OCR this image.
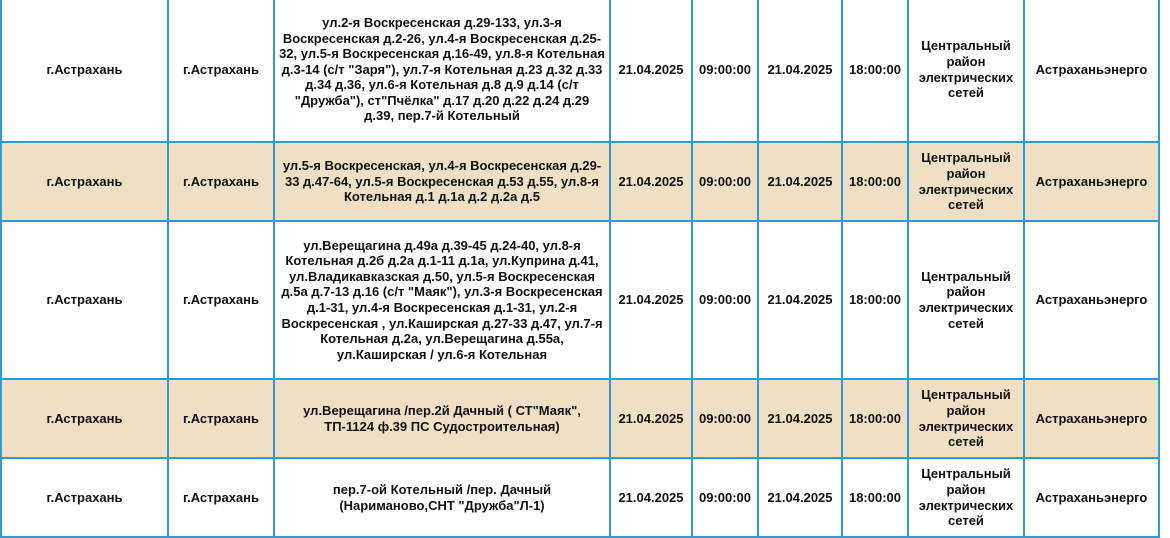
г.Астрахань	г.Астрахань	ул.2-я Воскресенская д.29-133, ул.3-я Воскресенская д.2-26, ул.4-я Воскресенская д.25-32, ул.5-я Воскресенская д.16-49, ул.8-я Котельная д.3-14 (с/т "Заря"), ул.7-я Котельная д.23 д.32 д.33 д.34 д.36, ул.6-я Котельная д.8 д.9 д.14 (с/т "Дружба"), ст"Пчёлка" д.17 д.20 д.22 д.24 д.29 д.39, пер.7-й Котельный	21.04.2025	09:00:00	21.04.2025	18:00:00	Центральный район электрических сетей	Астраханьэнерго
г.Астрахань	г.Астрахань	ул.5-я Воскресенская, ул.4-я Воскресенская д.29-33 д.47-64, ул.5-я Воскресенская д.53 д.55, ул.8-я Котельная д.1 д.1а д.2 д.2а д.5	21.04.2025	09:00:00	21.04.2025	18:00:00	Центральный район электрических сетей	Астраханьэнерго
г.Астрахань	г.Астрахань	ул.Верещагина д.49а д.39-45 д.24-40, ул.8-я Котельная д.2б д.2а д.1-11 д.1а, ул.Куприна д.41, ул.Владикавказская д.50, ул.5-я Воскресенская д.5а д.7-13 д.16 (с/т "Маяк"), ул.3-я Воскресенская д.1-31, ул.4-я Воскресенская д.1-31, ул.2-я Воскресенская , ул.Каширская д.27-33 д.47, ул.7-я Котельная д.2а, ул.Верещагина д.55а, ул.Каширская / ул.6-я Котельная	21.04.2025	09:00:00	21.04.2025	18:00:00	Центральный район электрических сетей	Астраханьэнерго
г.Астрахань	г.Астрахань	ул.Верещагина /пер.2й Дачный ( СТ"Маяк", ТП-1124 ф.39 ПС Судостроительная)	21.04.2025	09:00:00	21.04.2025	18:00:00	Центральный район электрических сетей	Астраханьэнерго
г.Астрахань	г.Астрахань	пер.7-ой Котельный /пер. Дачный (Нариманово,СНТ "Дружба"Л-1)	21.04.2025	09:00:00	21.04.2025	18:00:00	Центральный район электрических сетей	Астраханьэнерго
